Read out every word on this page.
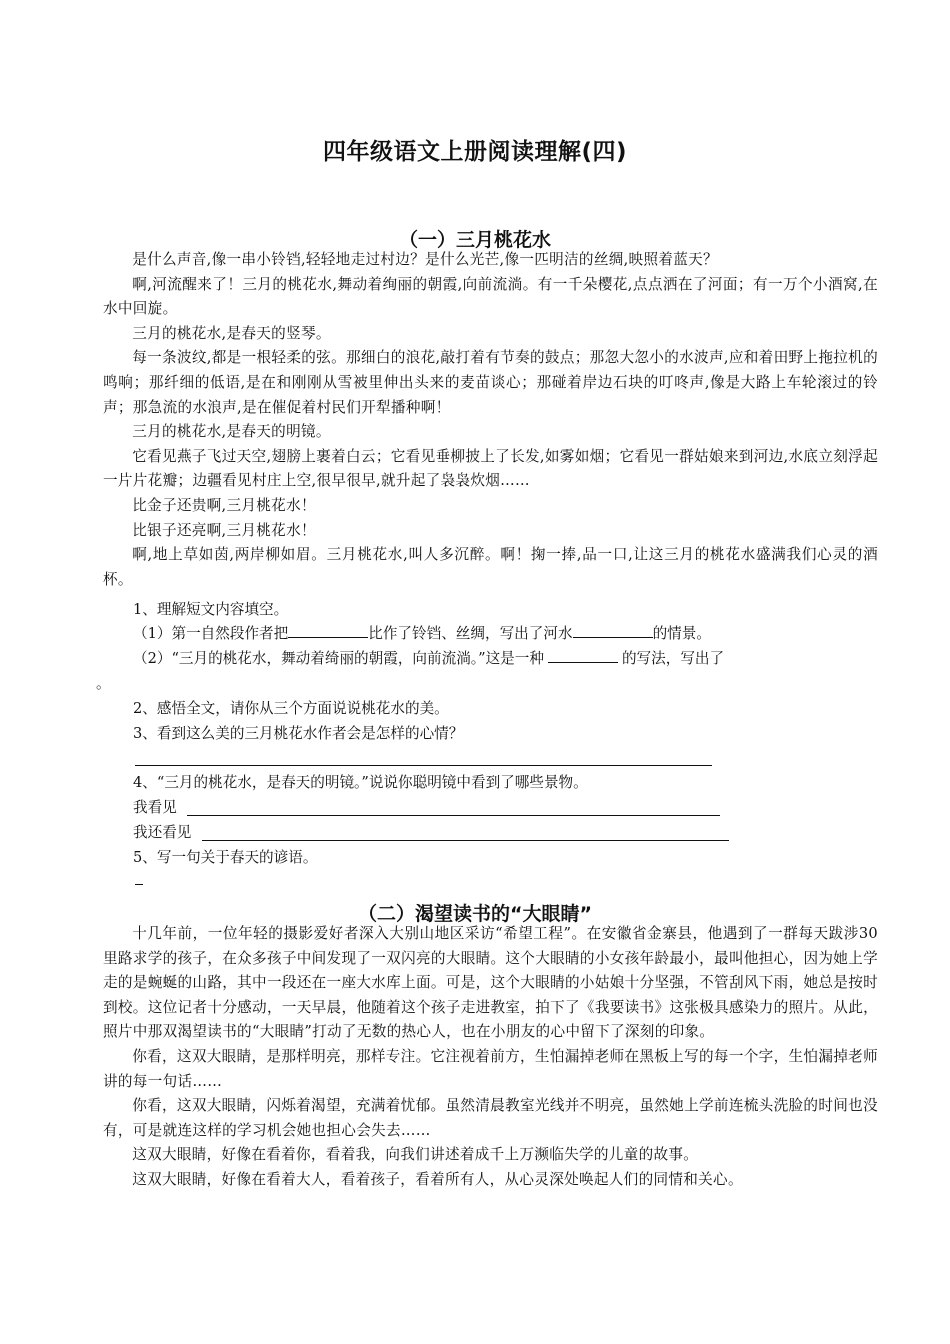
四年级语文上册阅读理解(四)
（一）三月桃花水

是什么声音,像一串小铃铛,轻轻地走过村边？是什么光芒,像一匹明洁的丝绸,映照着蓝天？

啊,河流醒来了！三月的桃花水,舞动着绚丽的朝霞,向前流淌。有一千朵樱花,点点洒在了河面；有一万个小酒窝,在水中回旋。

三月的桃花水,是春天的竖琴。

每一条波纹,都是一根轻柔的弦。那细白的浪花,敲打着有节奏的鼓点；那忽大忽小的水波声,应和着田野上拖拉机的鸣响；那纤细的低语,是在和刚刚从雪被里伸出头来的麦苗谈心；那碰着岸边石块的叮咚声,像是大路上车轮滚过的铃声；那急流的水浪声,是在催促着村民们开犁播种啊！

三月的桃花水,是春天的明镜。

它看见燕子飞过天空,翅膀上裹着白云；它看见垂柳披上了长发,如雾如烟；它看见一群姑娘来到河边,水底立刻浮起一片片花瓣；边疆看见村庄上空,很早很早,就升起了袅袅炊烟……

比金子还贵啊,三月桃花水！

比银子还亮啊,三月桃花水！

啊,地上草如茵,两岸柳如眉。三月桃花水,叫人多沉醉。啊！掬一捧,品一口,让这三月的桃花水盛满我们心灵的酒杯。

1、理解短文内容填空。
（1）第一自然段作者把	比作了铃铛、丝绸，写出了河水	的情景。
（2）“三月的桃花水，舞动着绮丽的朝霞，向前流淌。”这是一种	的写法，写出了
。
2、感悟全文，请你从三个方面说说桃花水的美。
3、看到这么美的三月桃花水作者会是怎样的心情？
4、“三月的桃花水，是春天的明镜。”说说你聪明镜中看到了哪些景物。
我看见
我还看见
5、写一句关于春天的谚语。
（二）渴望读书的“大眼睛”

十几年前，一位年轻的摄影爱好者深入大别山地区采访“希望工程”。在安徽省金寨县，他遇到了一群每天跋涉30里路求学的孩子，在众多孩子中间发现了一双闪亮的大眼睛。这个大眼睛的小女孩年龄最小，最叫他担心，因为她上学走的是蜿蜒的山路，其中一段还在一座大水库上面。可是，这个大眼睛的小姑娘十分坚强，不管刮风下雨，她总是按时到校。这位记者十分感动，一天早晨，他随着这个孩子走进教室，拍下了《我要读书》这张极具感染力的照片。从此，照片中那双渴望读书的“大眼睛”打动了无数的热心人，也在小朋友的心中留下了深刻的印象。

你看，这双大眼睛，是那样明亮，那样专注。它注视着前方，生怕漏掉老师在黑板上写的每一个字，生怕漏掉老师讲的每一句话……

你看，这双大眼睛，闪烁着渴望，充满着忧郁。虽然清晨教室光线并不明亮，虽然她上学前连梳头洗脸的时间也没有，可是就连这样的学习机会她也担心会失去……

这双大眼睛，好像在看着你，看着我，向我们讲述着成千上万濒临失学的儿童的故事。

这双大眼睛，好像在看着大人，看着孩子，看着所有人，从心灵深处唤起人们的同情和关心。
